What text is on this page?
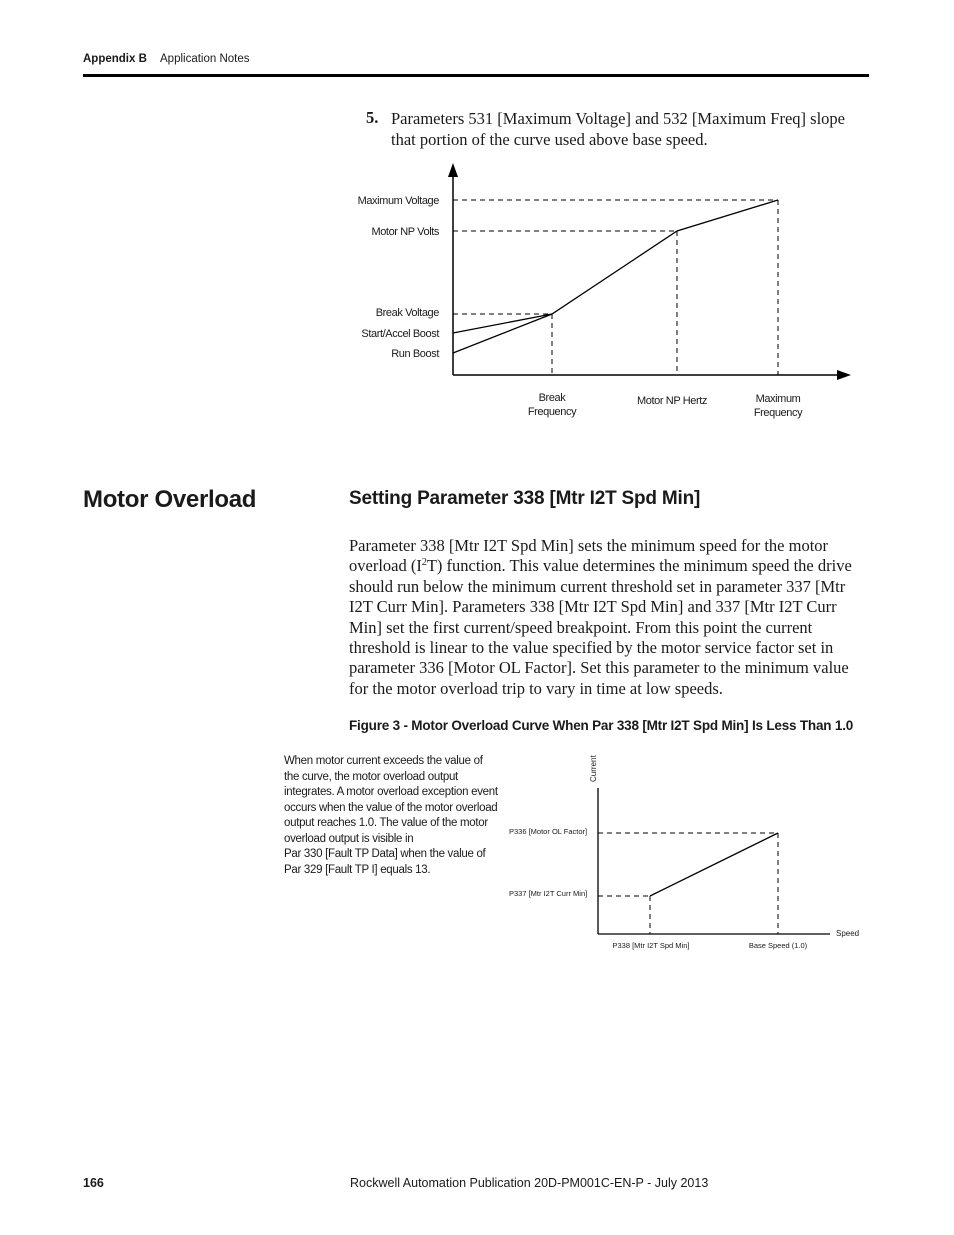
Appendix B Application Notes
5. Parameters 531 [Maximum Voltage] and 532 [Maximum Freq] slope that portion of the curve used above base speed.
Maximum Voltage
Motor NP Volts
Break Voltage
Start/Accel Boost
Run Boost
Break
Frequency
Motor NP Hertz	Maximum
Frequency
Motor Overload	Setting Parameter 338 [Mtr I2T Spd Min]
Parameter 338 [Mtr I2T Spd Min] sets the minimum speed for the motor overload $(I^2T)$ function. This value determines the minimum speed the drive should run below the minimum current threshold set in parameter 337 [Mtr I2T Curr Min]. Parameters 338 [Mtr I2T Spd Min] and 337 [Mtr I2T Curr Min] set the first current/speed breakpoint. From this point the current threshold is linear to the value specified by the motor service factor set in parameter 336 [Motor OL Factor]. Set this parameter to the minimum value for the motor overload trip to vary in time at low speeds.
Figure 3 - Motor Overload Curve When Par 338 [Mtr I2T Spd Min] Is Less Than 1.0

When motor current exceeds the value of the curve, the motor overload output integrates. A motor overload exception event occurs when the value of the motor overload output reaches 1.0. The value of the motor overload output is visible in

Par 330 [Fault TP Data] when the value of Par 329 [Fault TP I] equals 13.

Current
P336 [Motor OL Factor]
P337 [Mtr I2T Curr Min]
P338 [Mtr I2T Spd Min]	Base Speed (1.0)
Speed
166	Rockwell Automation Publication 20D-PM001C-EN-P - July 2013
